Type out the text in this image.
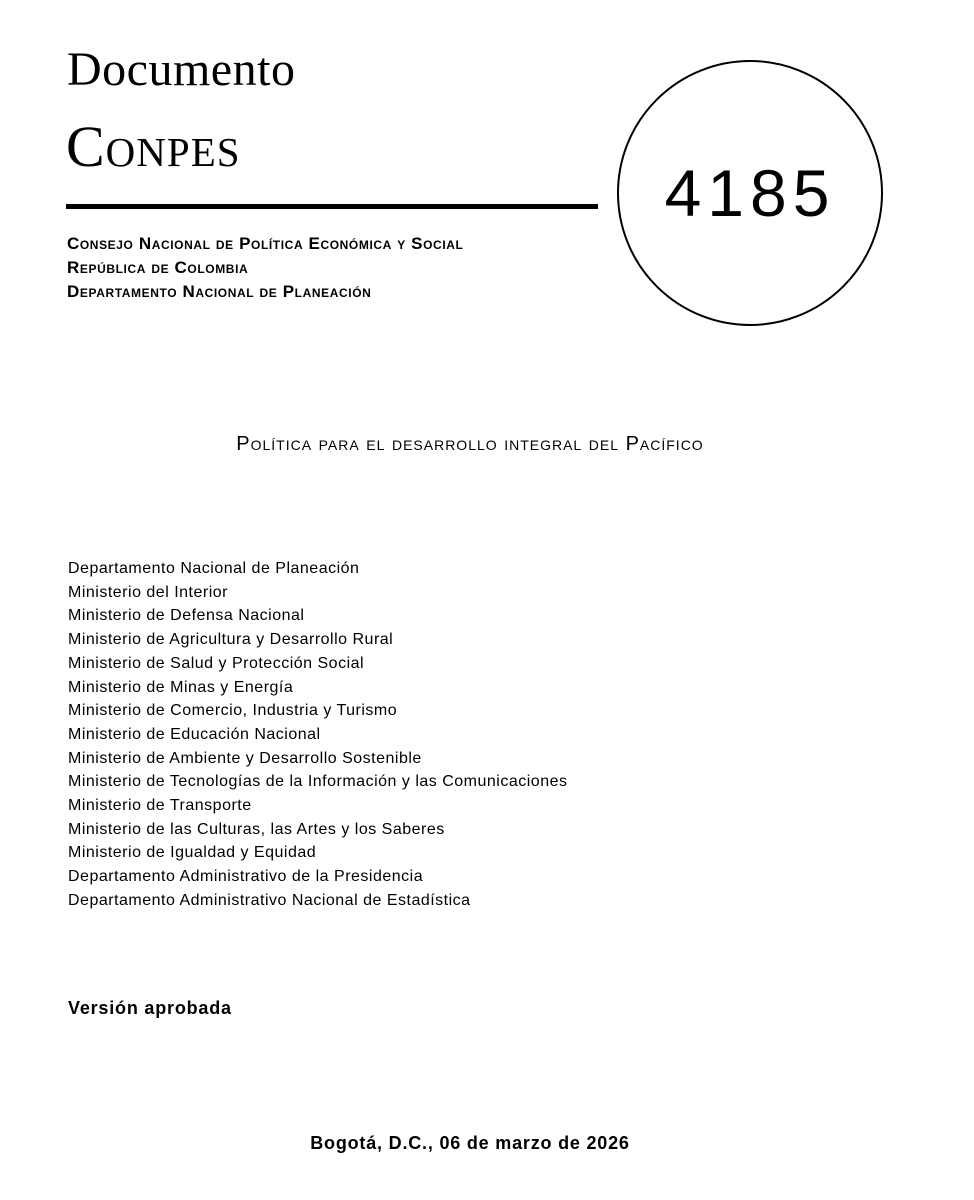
Documento
Conpes
4185
Consejo Nacional de Política Económica y Social
República de Colombia
Departamento Nacional de Planeación
Política para el desarrollo integral del Pacífico
Departamento Nacional de Planeación
Ministerio del Interior
Ministerio de Defensa Nacional
Ministerio de Agricultura y Desarrollo Rural
Ministerio de Salud y Protección Social
Ministerio de Minas y Energía
Ministerio de Comercio, Industria y Turismo
Ministerio de Educación Nacional
Ministerio de Ambiente y Desarrollo Sostenible
Ministerio de Tecnologías de la Información y las Comunicaciones
Ministerio de Transporte
Ministerio de las Culturas, las Artes y los Saberes
Ministerio de Igualdad y Equidad
Departamento Administrativo de la Presidencia
Departamento Administrativo Nacional de Estadística
Versión aprobada
Bogotá, D.C., 06 de marzo de 2026
